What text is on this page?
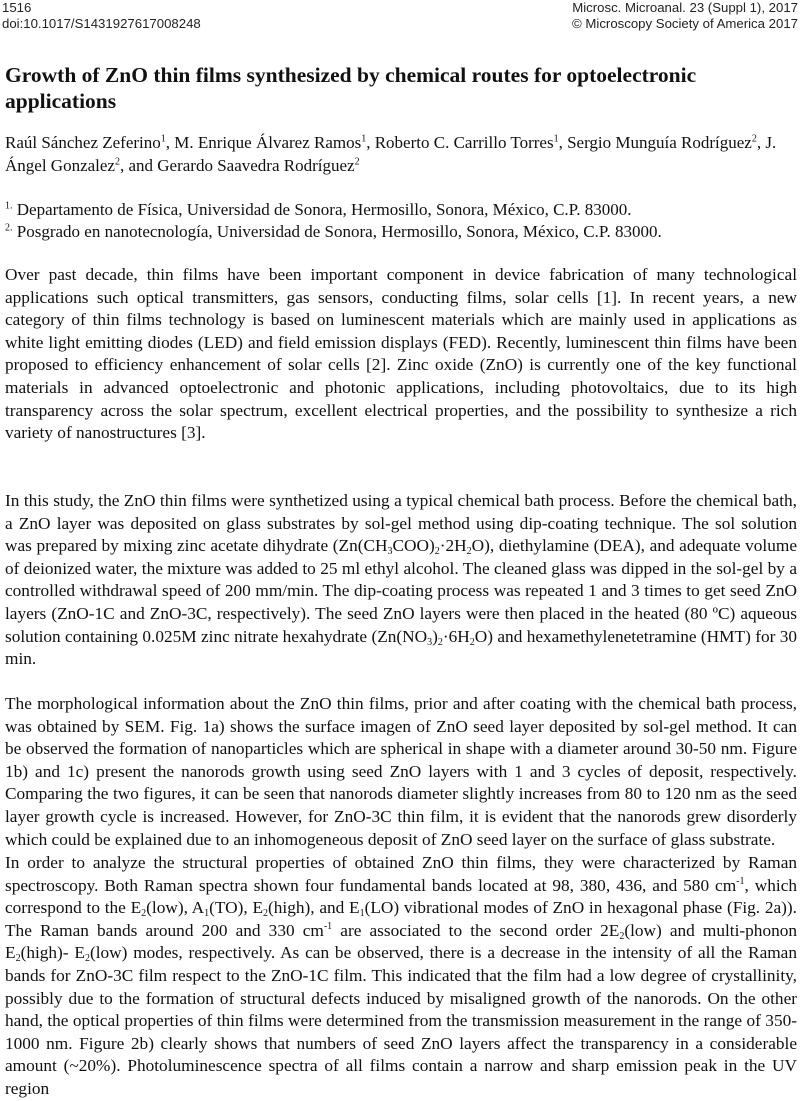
1516
doi:10.1017/S1431927617008248
Microsc. Microanal. 23 (Suppl 1), 2017
© Microscopy Society of America 2017
Growth of ZnO thin films synthesized by chemical routes for optoelectronic applications
Raúl Sánchez Zeferino$^1$, M. Enrique Álvarez Ramos$^1$, Roberto C. Carrillo Torres$^1$, Sergio Munguía Rodríguez$^2$, J. Ángel Gonzalez$^2$, and Gerardo Saavedra Rodríguez$^2$
$^{1.}$ Departamento de Física, Universidad de Sonora, Hermosillo, Sonora, México, C.P. 83000.
$^{2.}$ Posgrado en nanotecnología, Universidad de Sonora, Hermosillo, Sonora, México, C.P. 83000.

Over past decade, thin films have been important component in device fabrication of many technological applications such optical transmitters, gas sensors, conducting films, solar cells [1]. In recent years, a new category of thin films technology is based on luminescent materials which are mainly used in applications as white light emitting diodes (LED) and field emission displays (FED). Recently, luminescent thin films have been proposed to efficiency enhancement of solar cells [2]. Zinc oxide (ZnO) is currently one of the key functional materials in advanced optoelectronic and photonic applications, including photovoltaics, due to its high transparency across the solar spectrum, excellent electrical properties, and the possibility to synthesize a rich variety of nanostructures [3].

In this study, the ZnO thin films were synthetized using a typical chemical bath process. Before the chemical bath, a ZnO layer was deposited on glass substrates by sol-gel method using dip-coating technique. The sol solution was prepared by mixing zinc acetate dihydrate $(Zn(CH_3COO)_2\cdot 2H_2O)$, diethylamine (DEA), and adequate volume of deionized water, the mixture was added to 25 ml ethyl alcohol. The cleaned glass was dipped in the sol-gel by a controlled withdrawal speed of 200 mm/min. The dip-coating process was repeated 1 and 3 times to get seed ZnO layers (ZnO-1C and ZnO-3C, respectively). The seed ZnO layers were then placed in the heated (80 ºC) aqueous solution containing 0.025M zinc nitrate hexahydrate $(Zn(NO_3)_2\cdot 6H_2O)$ and hexamethylenetetramine (HMT) for 30 min.

The morphological information about the ZnO thin films, prior and after coating with the chemical bath process, was obtained by SEM. Fig. 1a) shows the surface imagen of ZnO seed layer deposited by sol-gel method. It can be observed the formation of nanoparticles which are spherical in shape with a diameter around 30-50 nm. Figure 1b) and 1c) present the nanorods growth using seed ZnO layers with 1 and 3 cycles of deposit, respectively. Comparing the two figures, it can be seen that nanorods diameter slightly increases from 80 to 120 nm as the seed layer growth cycle is increased. However, for ZnO-3C thin film, it is evident that the nanorods grew disorderly which could be explained due to an inhomogeneous deposit of ZnO seed layer on the surface of glass substrate.

In order to analyze the structural properties of obtained ZnO thin films, they were characterized by Raman spectroscopy. Both Raman spectra shown four fundamental bands located at 98, 380, 436, and 580 $cm^{-1}$, which correspond to the $E_2(low)$, $A_1(TO)$, $E_2(high)$, and $E_1(LO)$ vibrational modes of ZnO in hexagonal phase (Fig. 2a)). The Raman bands around 200 and 330 $cm^{-1}$ are associated to the second order $2E_2(low)$ and multi-phonon $E_2(high)-$ $E_2(low)$ modes, respectively. As can be observed, there is a decrease in the intensity of all the Raman bands for ZnO-3C film respect to the ZnO-1C film. This indicated that the film had a low degree of crystallinity, possibly due to the formation of structural defects induced by misaligned growth of the nanorods. On the other hand, the optical properties of thin films were determined from the transmission measurement in the range of 350-1000 nm. Figure 2b) clearly shows that numbers of seed ZnO layers affect the transparency in a considerable amount (~20%). Photoluminescence spectra of all films contain a narrow and sharp emission peak in the UV region
